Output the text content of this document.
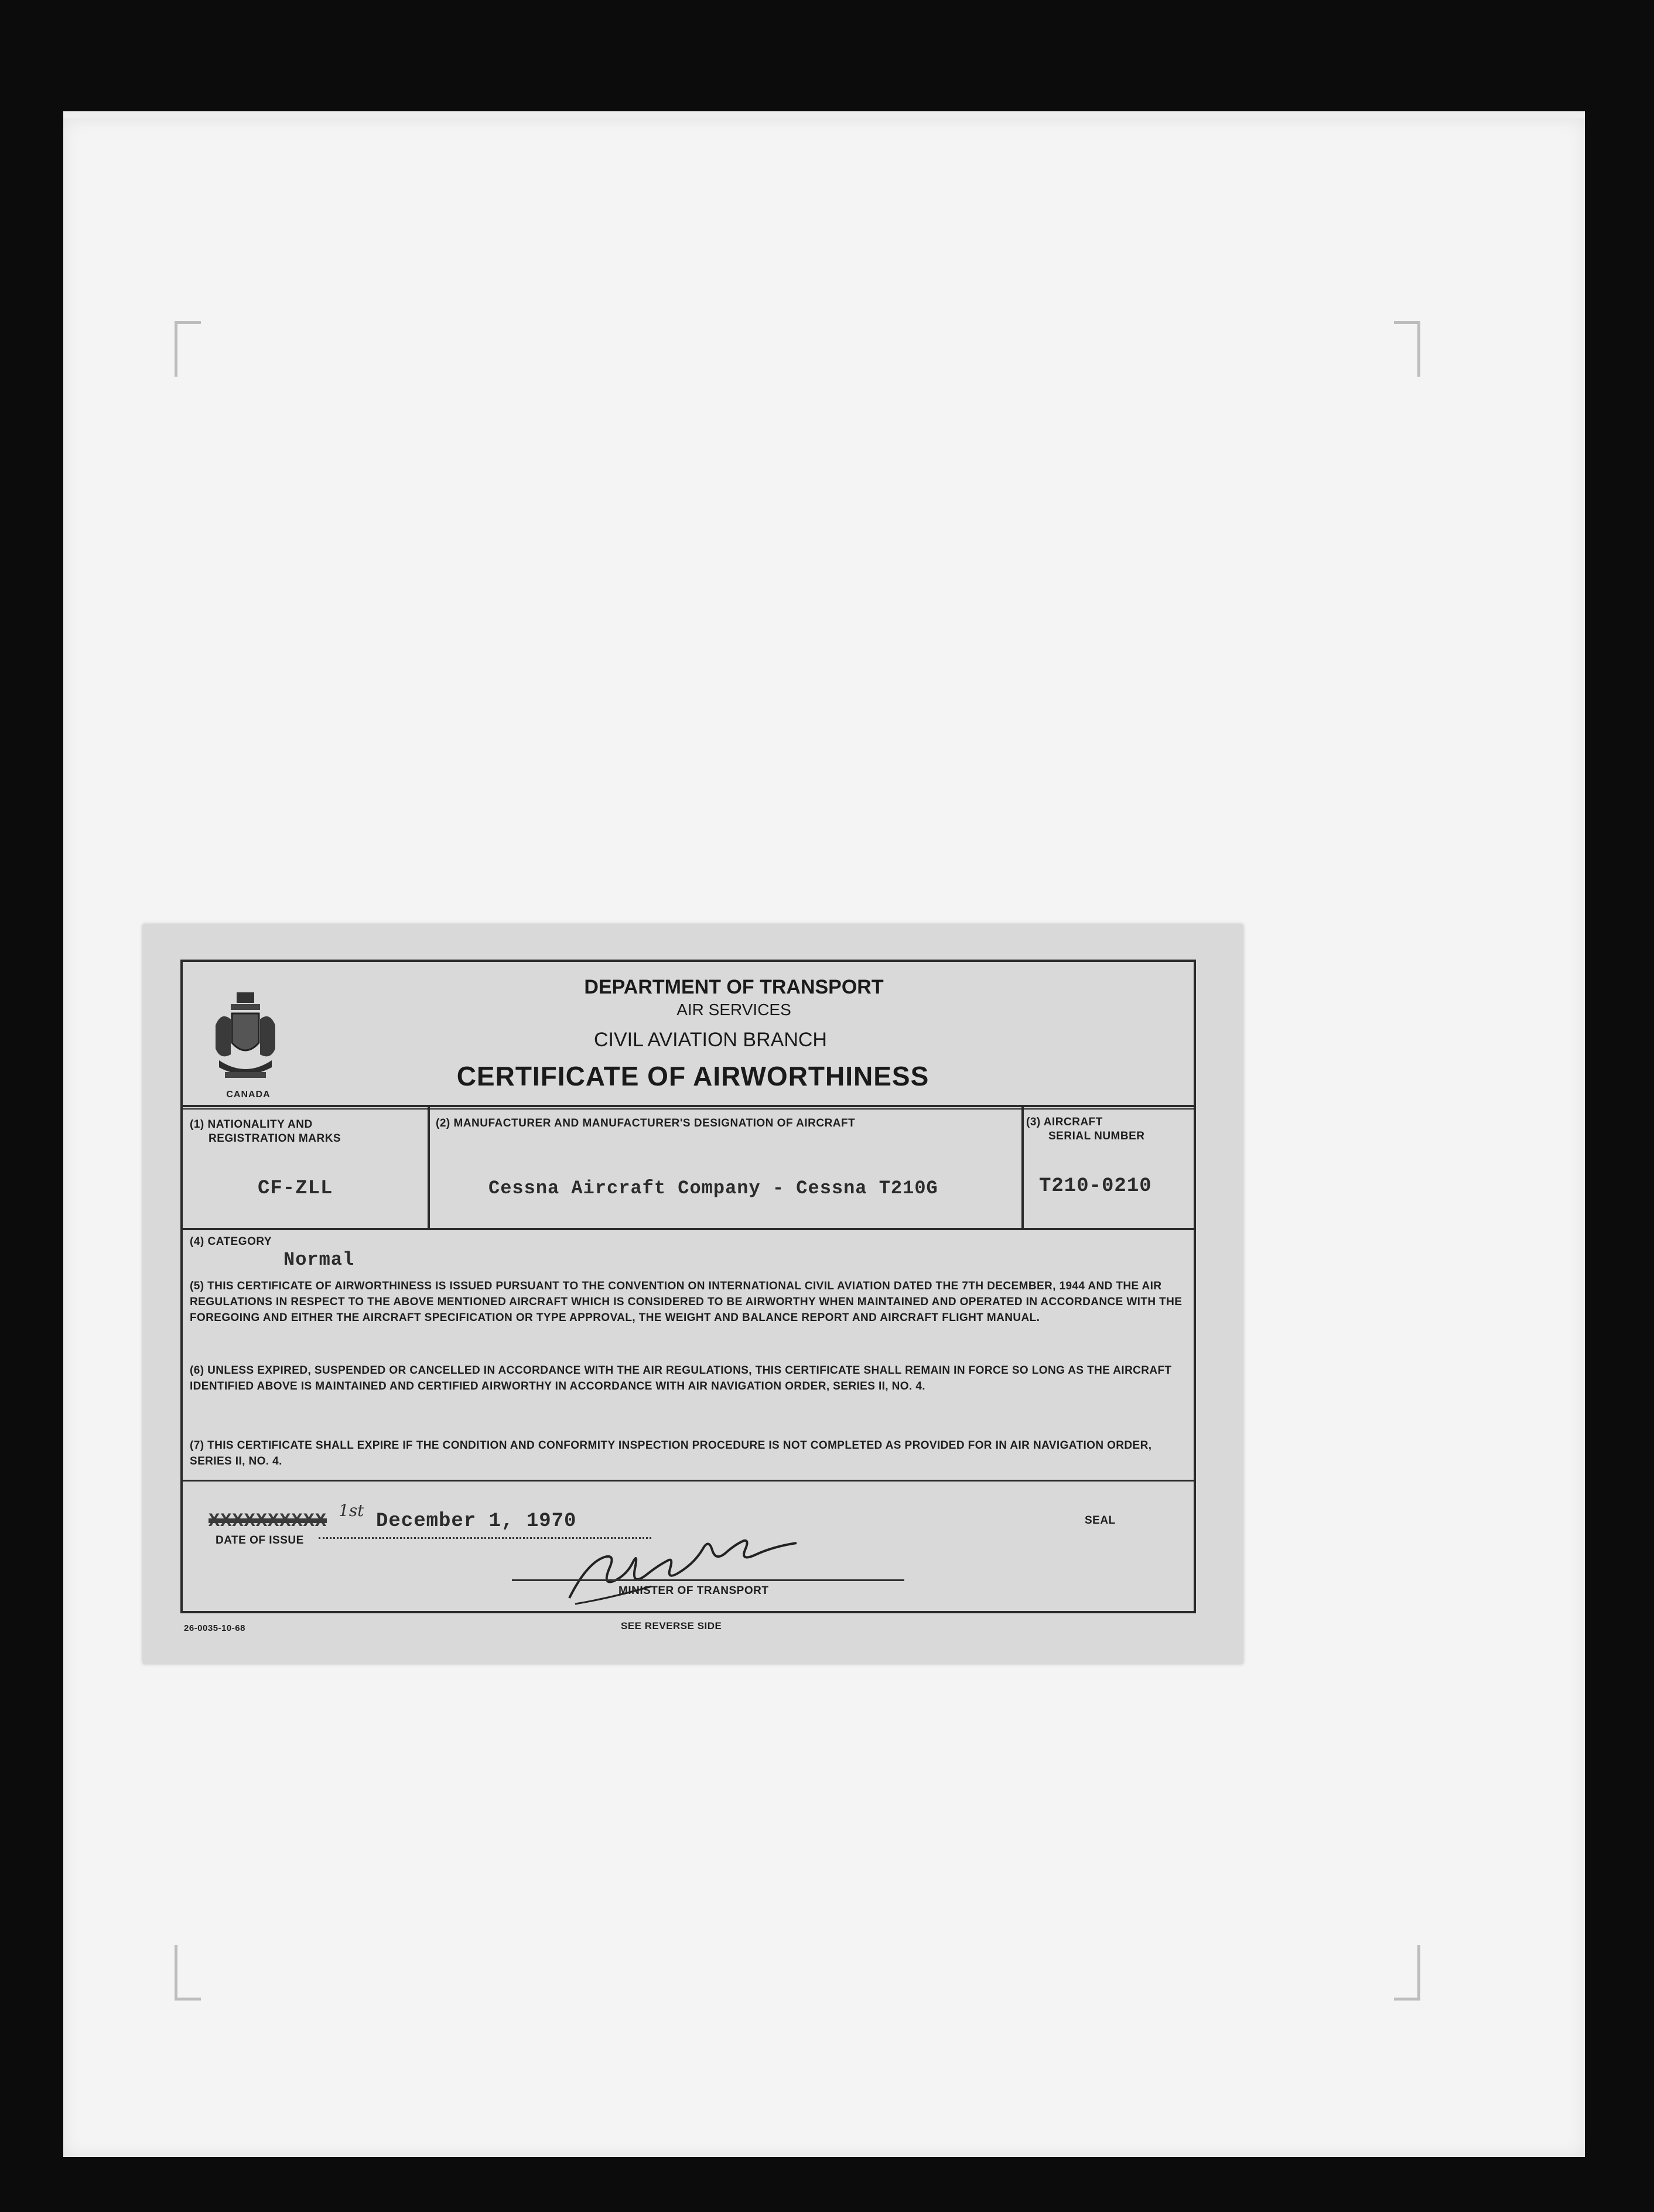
CANADA
DEPARTMENT OF TRANSPORT
AIR SERVICES
CIVIL AVIATION BRANCH
CERTIFICATE OF AIRWORTHINESS
(1) NATIONALITY AND
REGISTRATION MARKS
CF-ZLL
(2) MANUFACTURER AND MANUFACTURER'S DESIGNATION OF AIRCRAFT
Cessna Aircraft Company - Cessna T210G
(3) AIRCRAFT
SERIAL NUMBER
T210-0210
(4) CATEGORY
Normal
(5) THIS CERTIFICATE OF AIRWORTHINESS IS ISSUED PURSUANT TO THE CONVENTION ON INTERNATIONAL CIVIL AVIATION DATED THE 7TH DECEMBER, 1944 AND THE AIR REGULATIONS IN RESPECT TO THE ABOVE MENTIONED AIRCRAFT WHICH IS CONSIDERED TO BE AIRWORTHY WHEN MAINTAINED AND OPERATED IN ACCORDANCE WITH THE FOREGOING AND EITHER THE AIRCRAFT SPECIFICATION OR TYPE APPROVAL, THE WEIGHT AND BALANCE REPORT AND AIRCRAFT FLIGHT MANUAL.
(6) UNLESS EXPIRED, SUSPENDED OR CANCELLED IN ACCORDANCE WITH THE AIR REGULATIONS, THIS CERTIFICATE SHALL REMAIN IN FORCE SO LONG AS THE AIRCRAFT IDENTIFIED ABOVE IS MAINTAINED AND CERTIFIED AIRWORTHY IN ACCORDANCE WITH AIR NAVIGATION ORDER, SERIES II, NO. 4.
(7) THIS CERTIFICATE SHALL EXPIRE IF THE CONDITION AND CONFORMITY INSPECTION PROCEDURE IS NOT COMPLETED AS PROVIDED FOR IN AIR NAVIGATION ORDER, SERIES II, NO. 4.
XXXXXXXXXX 1st December 1, 1970
DATE OF ISSUE
SEAL
MINISTER OF TRANSPORT
26-0035-10-68	SEE REVERSE SIDE
